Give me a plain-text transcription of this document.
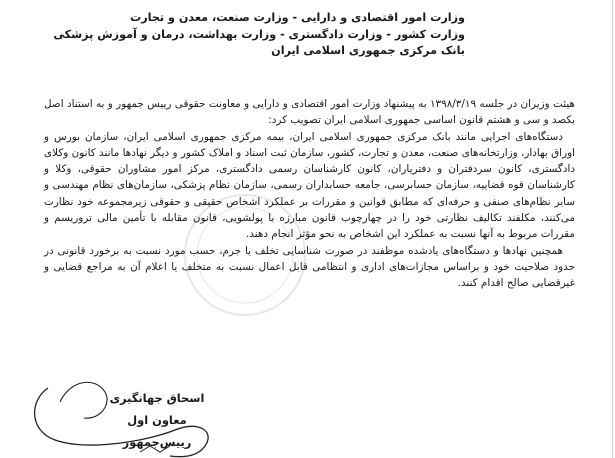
وزارت امور اقتصادی و دارایی - وزارت صنعت، معدن و تجارت
وزارت کشور - وزارت دادگستری - وزارت بهداشت، درمان و آموزش پزشکی
بانک مرکزی جمهوری اسلامی ایران

هیئت وزیران در جلسه ۱۳۹۸/۳/۱۹ به پیشنهاد وزارت امور اقتصادی و دارایی و معاونت حقوقی رییس جمهور و به استناد اصل یکصد و سی و هشتم قانون اساسی جمهوری اسلامی ایران تصویب کرد:

دستگاه‌های اجرایی مانند بانک مرکزی جمهوری اسلامی ایران، بیمه مرکزی جمهوری اسلامی ایران، سازمان بورس و اوراق بهادار، وزارتخانه‌های صنعت، معدن و تجارت، کشور، سازمان ثبت اسناد و املاک کشور و دیگر نهادها مانند کانون وکلای دادگستری، کانون سردفتران و دفتریاران، کانون کارشناسان رسمی دادگستری، مرکز امور مشاوران حقوقی، وکلا و کارشناسان قوه قضاییه، سازمان حسابرسی، جامعه حسابداران رسمی، سازمان نظام پزشکی، سازمان‌های نظام مهندسی و سایر نظام‌های صنفی و حرفه‌ای که مطابق قوانین و مقررات بر عملکرد اشخاص حقیقی و حقوقی زیرمجموعه خود نظارت می‌کنند، مکلفند تکالیف نظارتی خود را در چهارچوب قانون مبارزه با پولشویی، قانون مقابله با تأمین مالی تروریسم و مقررات مربوط به آنها نسبت به عملکرد این اشخاص به نحو مؤثر انجام دهند.

همچنین نهادها و دستگاه‌های یادشده موظفند در صورت شناسایی تخلف یا جرم، حسب مورد نسبت به برخورد قانونی در حدود صلاحیت خود و براساس مجازات‌های اداری و انتظامی قابل اعمال نسبت به متخلف یا اعلام آن به مراجع قضایی و غیرقضایی صالح اقدام کنند.

اسحاق جهانگیری
معاون اول رییس‌جمهور
